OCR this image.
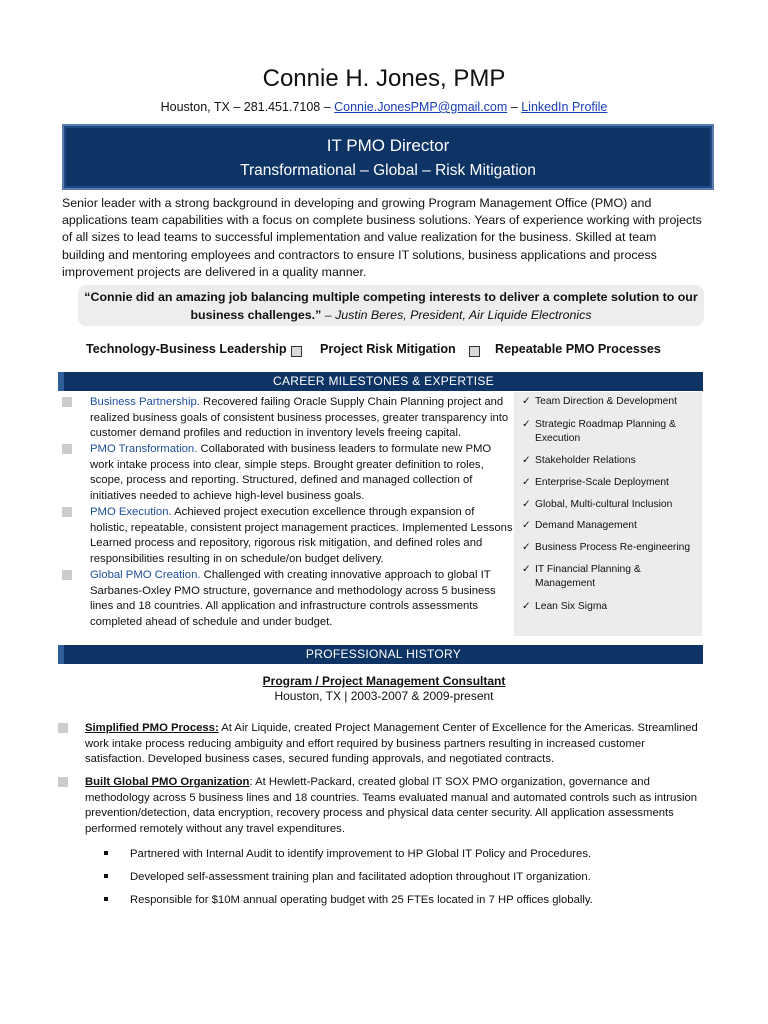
Connie H. Jones, PMP
Houston, TX – 281.451.7108 – Connie.JonesPMP@gmail.com – LinkedIn Profile
IT PMO Director
Transformational – Global – Risk Mitigation
Senior leader with a strong background in developing and growing Program Management Office (PMO) and applications team capabilities with a focus on complete business solutions. Years of experience working with projects of all sizes to lead teams to successful implementation and value realization for the business. Skilled at team building and mentoring employees and contractors to ensure IT solutions, business applications and process improvement projects are delivered in a quality manner.
“Connie did an amazing job balancing multiple competing interests to deliver a complete solution to our business challenges.” – Justin Beres, President, Air Liquide Electronics
Technology-Business Leadership	Project Risk Mitigation	Repeatable PMO Processes
CAREER MILESTONES & EXPERTISE
Business Partnership. Recovered failing Oracle Supply Chain Planning project and realized business goals of consistent business processes, greater transparency into customer demand profiles and reduction in inventory levels freeing capital.
PMO Transformation. Collaborated with business leaders to formulate new PMO work intake process into clear, simple steps. Brought greater definition to roles, scope, process and reporting. Structured, defined and managed collection of initiatives needed to achieve high-level business goals.
PMO Execution. Achieved project execution excellence through expansion of holistic, repeatable, consistent project management practices. Implemented Lessons Learned process and repository, rigorous risk mitigation, and defined roles and responsibilities resulting in on schedule/on budget delivery.
Global PMO Creation. Challenged with creating innovative approach to global IT Sarbanes-Oxley PMO structure, governance and methodology across 5 business lines and 18 countries. All application and infrastructure controls assessments completed ahead of schedule and under budget.
✓ Team Direction & Development
✓ Strategic Roadmap Planning & Execution
✓ Stakeholder Relations
✓ Enterprise-Scale Deployment
✓ Global, Multi-cultural Inclusion
✓ Demand Management
✓ Business Process Re-engineering
✓ IT Financial Planning & Management
✓ Lean Six Sigma
PROFESSIONAL HISTORY
Program / Project Management Consultant
Houston, TX | 2003-2007 & 2009-present
Simplified PMO Process: At Air Liquide, created Project Management Center of Excellence for the Americas. Streamlined work intake process reducing ambiguity and effort required by business partners resulting in increased customer satisfaction. Developed business cases, secured funding approvals, and negotiated contracts.
Built Global PMO Organization: At Hewlett-Packard, created global IT SOX PMO organization, governance and methodology across 5 business lines and 18 countries. Teams evaluated manual and automated controls such as intrusion prevention/detection, data encryption, recovery process and physical data center security. All application assessments performed remotely without any travel expenditures.
Partnered with Internal Audit to identify improvement to HP Global IT Policy and Procedures.
Developed self-assessment training plan and facilitated adoption throughout IT organization.
Responsible for $10M annual operating budget with 25 FTEs located in 7 HP offices globally.
